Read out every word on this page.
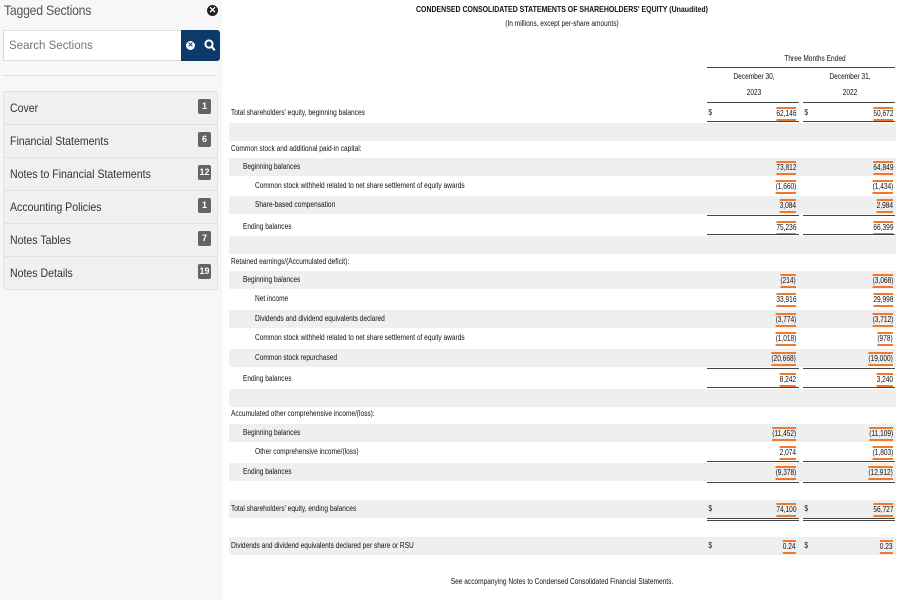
Tagged Sections	✕
Search Sections
✕
Cover	1
Financial Statements	6
Notes to Financial Statements	12
Accounting Policies	1
Notes Tables	7
Notes Details	19
CONDENSED CONSOLIDATED STATEMENTS OF SHAREHOLDERS' EQUITY (Unaudited)
(In millions, except per-share amounts)
Three Months Ended
December 30,
2023
December 31,
2022
Total shareholders' equity, beginning balances	$	62,146 $	50,672
Common stock and additional paid-in capital:
Beginning balances	73,812	64,849
Common stock withheld related to net share settlement of equity awards	(1,660)	(1,434)
Share-based compensation	3,084	2,984
Ending balances	75,236	66,399
Retained earnings/(Accumulated deficit):
Beginning balances	(214)	(3,068)
Net income	33,916	29,998
Dividends and dividend equivalents declared	(3,774)	(3,712)
Common stock withheld related to net share settlement of equity awards	(1,018)	(978)
Common stock repurchased	(20,668)	(19,000)
Ending balances	8,242	3,240
Accumulated other comprehensive income/(loss):
Beginning balances	(11,452)	(11,109)
Other comprehensive income/(loss)	2,074	(1,803)
Ending balances	(9,378)	(12,912)
Total shareholders' equity, ending balances	$	74,100 $	56,727
Dividends and dividend equivalents declared per share or RSU	$	0.24 $	0.23
See accompanying Notes to Condensed Consolidated Financial Statements.
